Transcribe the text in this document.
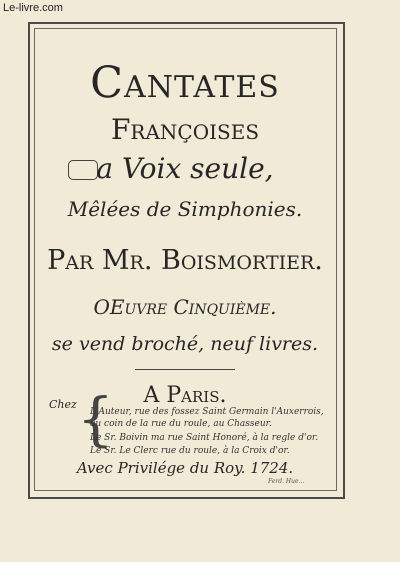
Le-livre.com
Cantates
Françoises
a Voix seule,
Mêlées de Simphonies.
Par Mr. Boismortier.
OEuvre Cinquième.
se vend broché, neuf livres.
A Paris.
Chez {
L'Auteur, rue des fossez Saint Germain l'Auxerrois,
au coin de la rue du roule, au Chasseur.
Le Sr. Boivin ma rue Saint Honoré, à la regle d'or.
Le Sr. Le Clerc rue du roule, à la Croix d'or.
Avec Privilége du Roy. 1724.
Ferd. Hue...
